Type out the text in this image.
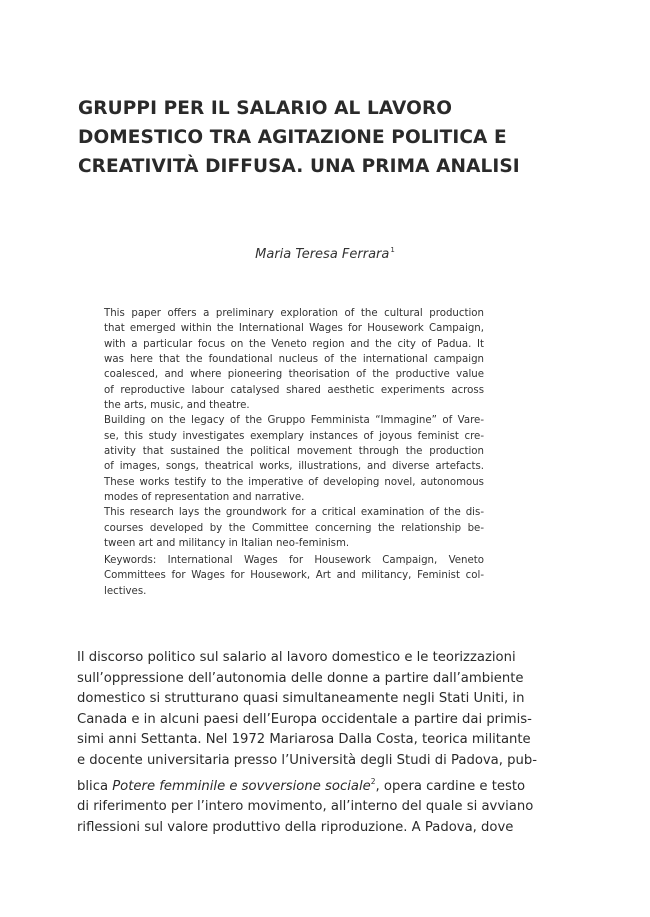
GRUPPI PER IL SALARIO AL LAVORO
DOMESTICO TRA AGITAZIONE POLITICA E
CREATIVITÀ DIFFUSA. UNA PRIMA ANALISI
Maria Teresa Ferrara$^1$
This paper offers a preliminary exploration of the cultural production
that emerged within the International Wages for Housework Campaign,
with a particular focus on the Veneto region and the city of Padua. It
was here that the foundational nucleus of the international campaign
coalesced, and where pioneering theorisation of the productive value
of reproductive labour catalysed shared aesthetic experiments across
the arts, music, and theatre.
Building on the legacy of the Gruppo Femminista “Immagine” of Vare-
se, this study investigates exemplary instances of joyous feminist cre-
ativity that sustained the political movement through the production
of images, songs, theatrical works, illustrations, and diverse artefacts.
These works testify to the imperative of developing novel, autonomous
modes of representation and narrative.
This research lays the groundwork for a critical examination of the dis-
courses developed by the Committee concerning the relationship be-
tween art and militancy in Italian neo-feminism.
Keywords: International Wages for Housework Campaign, Veneto
Committees for Wages for Housework, Art and militancy, Feminist col-
lectives.
Il discorso politico sul salario al lavoro domestico e le teorizzazioni
sull’oppressione dell’autonomia delle donne a partire dall’ambiente
domestico si strutturano quasi simultaneamente negli Stati Uniti, in
Canada e in alcuni paesi dell’Europa occidentale a partire dai primis-
simi anni Settanta. Nel 1972 Mariarosa Dalla Costa, teorica militante
e docente universitaria presso l’Università degli Studi di Padova, pub-
blica Potere femminile e sovversione sociale$^2$, opera cardine e testo
di riferimento per l’intero movimento, all’interno del quale si avviano
riflessioni sul valore produttivo della riproduzione. A Padova, dove
